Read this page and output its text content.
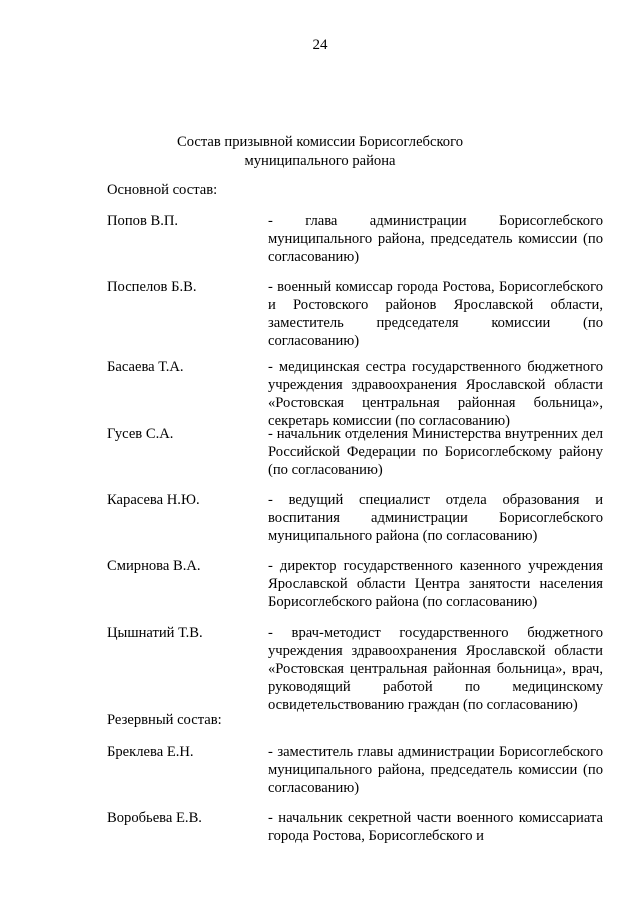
24
Состав призывной комиссии Борисоглебского
муниципального района
Основной состав:
Попов В.П.	- глава администрации Борисоглебского муниципального района, председатель комиссии (по согласованию)
Поспелов Б.В.	- военный комиссар города Ростова, Борисоглебского и Ростовского районов Ярославской области, заместитель председателя комиссии (по согласованию)
Басаева Т.А.	- медицинская сестра государственного бюджетного учреждения здравоохранения Ярославской области «Ростовская центральная районная больница», секретарь комиссии (по согласованию)
Гусев С.А.	- начальник отделения Министерства внутренних дел Российской Федерации по Борисоглебскому району (по согласованию)
Карасева Н.Ю.	- ведущий специалист отдела образования и воспитания администрации Борисоглебского муниципального района (по согласованию)
Смирнова В.А.	- директор государственного казенного учреждения Ярославской области Центра занятости населения Борисоглебского района (по согласованию)
Цышнатий Т.В.	- врач-методист государственного бюджетного учреждения здравоохранения Ярославской области «Ростовская центральная районная больница», врач, руководящий работой по медицинскому освидетельствованию граждан (по согласованию)
Резервный состав:
Бреклева Е.Н.	- заместитель главы администрации Борисоглебского муниципального района, председатель комиссии (по согласованию)
Воробьева Е.В.	- начальник секретной части военного комиссариата города Ростова, Борисоглебского и
